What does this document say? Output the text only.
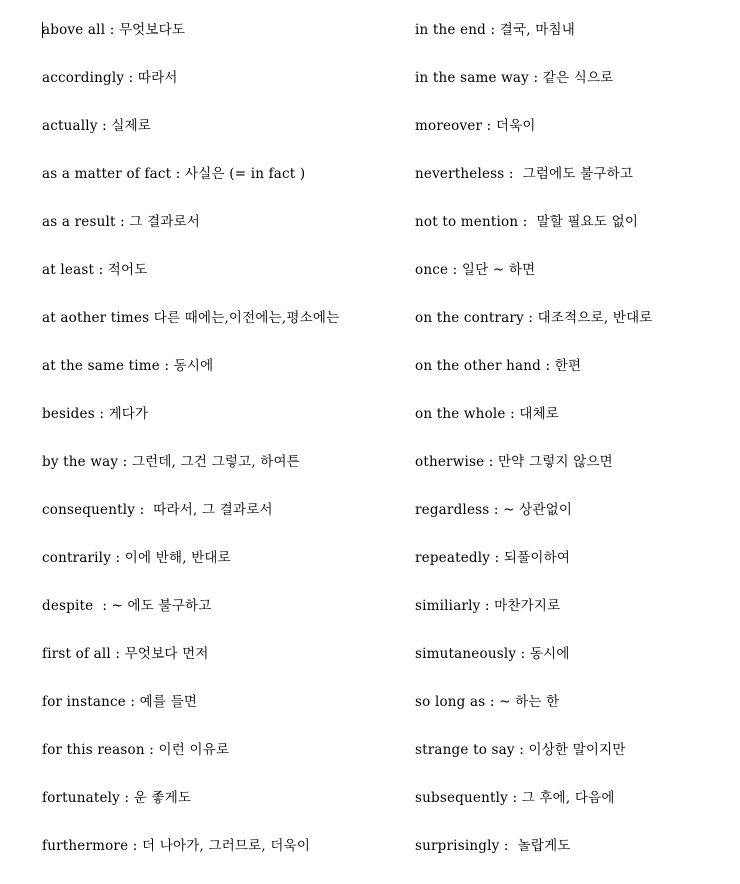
above all : 무엇보다도
accordingly : 따라서
actually : 실제로
as a matter of fact : 사실은 (= in fact )
as a result : 그 결과로서
at least : 적어도
at aother times 다른 때에는,이전에는,평소에는
at the same time : 동시에
besides : 게다가
by the way : 그런데, 그건 그렇고, 하여튼
consequently :  따라서, 그 결과로서
contrarily : 이에 반해, 반대로
despite  : ~ 에도 불구하고
first of all : 무엇보다 먼저
for instance : 예를 들면
for this reason : 이런 이유로
fortunately : 운 좋게도
furthermore : 더 나아가, 그러므로, 더욱이
in the end : 결국, 마침내
in the same way : 같은 식으로
moreover : 더욱이
nevertheless :  그럼에도 불구하고
not to mention :  말할 필요도 없이
once : 일단 ~ 하면
on the contrary : 대조적으로, 반대로
on the other hand : 한편
on the whole : 대체로
otherwise : 만약 그렇지 않으면
regardless : ~ 상관없이
repeatedly : 되풀이하여
similiarly : 마찬가지로
simutaneously : 동시에
so long as : ~ 하는 한
strange to say : 이상한 말이지만
subsequently : 그 후에, 다음에
surprisingly :  놀랍게도
